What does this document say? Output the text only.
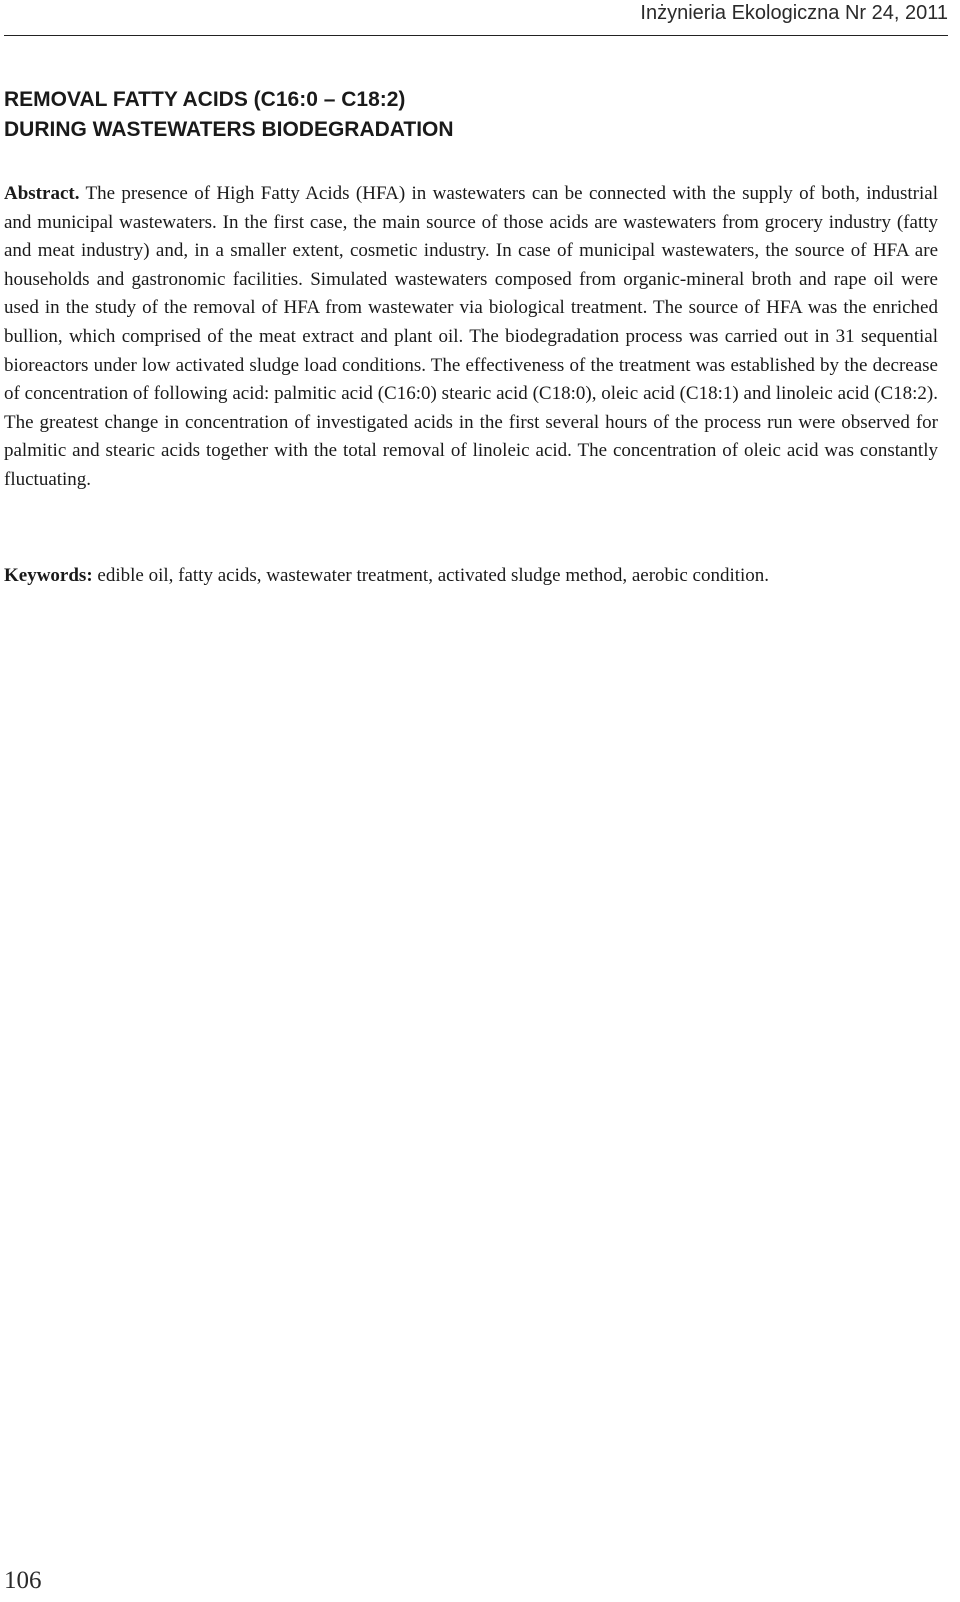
Inżynieria Ekologiczna Nr 24, 2011
REMOVAL FATTY ACIDS (C16:0 – C18:2)
DURING WASTEWATERS BIODEGRADATION

Abstract. The presence of High Fatty Acids (HFA) in wastewaters can be connected with the supply of both, industrial and municipal wastewaters. In the first case, the main source of those acids are wastewaters from grocery industry (fatty and meat industry) and, in a smaller extent, cosmetic industry. In case of municipal wastewaters, the source of HFA are households and gastronomic facilities. Simulated wastewaters composed from organic-mineral broth and rape oil were used in the study of the removal of HFA from wastewater via biological treatment. The source of HFA was the enriched bullion, which comprised of the meat extract and plant oil. The biodegradation process was carried out in 31 sequential bioreactors under low activated sludge load conditions. The effectiveness of the treatment was established by the decrease of concentration of following acid: palmitic acid (C16:0) stearic acid (C18:0), oleic acid (C18:1) and linoleic acid (C18:2). The greatest change in concentration of investigated acids in the first several hours of the process run were observed for palmitic and stearic acids together with the total removal of linoleic acid. The concentration of oleic acid was constantly fluctuating.

Keywords: edible oil, fatty acids, wastewater treatment, activated sludge method, aerobic condition.

106
